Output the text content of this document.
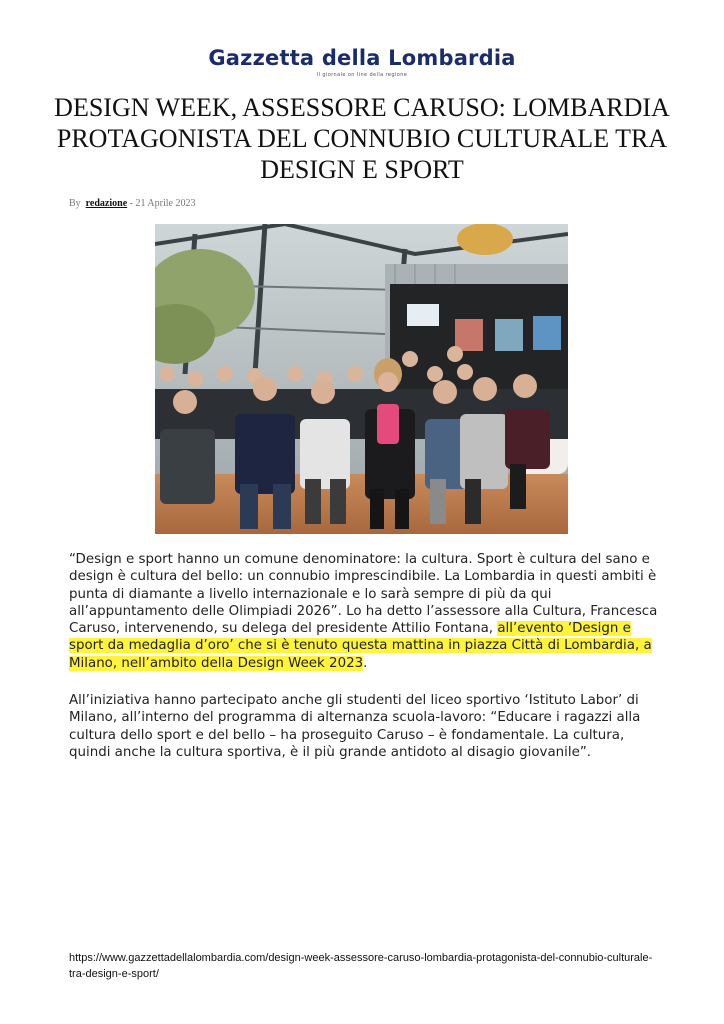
Gazzetta della Lombardia
Il giornale on line della regione
DESIGN WEEK, ASSESSORE CARUSO: LOMBARDIA PROTAGONISTA DEL CONNUBIO CULTURALE TRA DESIGN E SPORT
By redazione - 21 Aprile 2023
“Design e sport hanno un comune denominatore: la cultura. Sport è cultura del sano e design è cultura del bello: un connubio imprescindibile. La Lombardia in questi ambiti è punta di diamante a livello internazionale e lo sarà sempre di più da qui all’appuntamento delle Olimpiadi 2026”. Lo ha detto l’assessore alla Cultura, Francesca Caruso, intervenendo, su delega del presidente Attilio Fontana, all’evento ‘Design e sport da medaglia d’oro’ che si è tenuto questa mattina in piazza Città di Lombardia, a Milano, nell’ambito della Design Week 2023.
All’iniziativa hanno partecipato anche gli studenti del liceo sportivo ‘Istituto Labor’ di Milano, all’interno del programma di alternanza scuola-lavoro: “Educare i ragazzi alla cultura dello sport e del bello – ha proseguito Caruso – è fondamentale. La cultura, quindi anche la cultura sportiva, è il più grande antidoto al disagio giovanile”.
https://www.gazzettadellalombardia.com/design-week-assessore-caruso-lombardia-protagonista-del-connubio-culturale-tra-design-e-sport/
